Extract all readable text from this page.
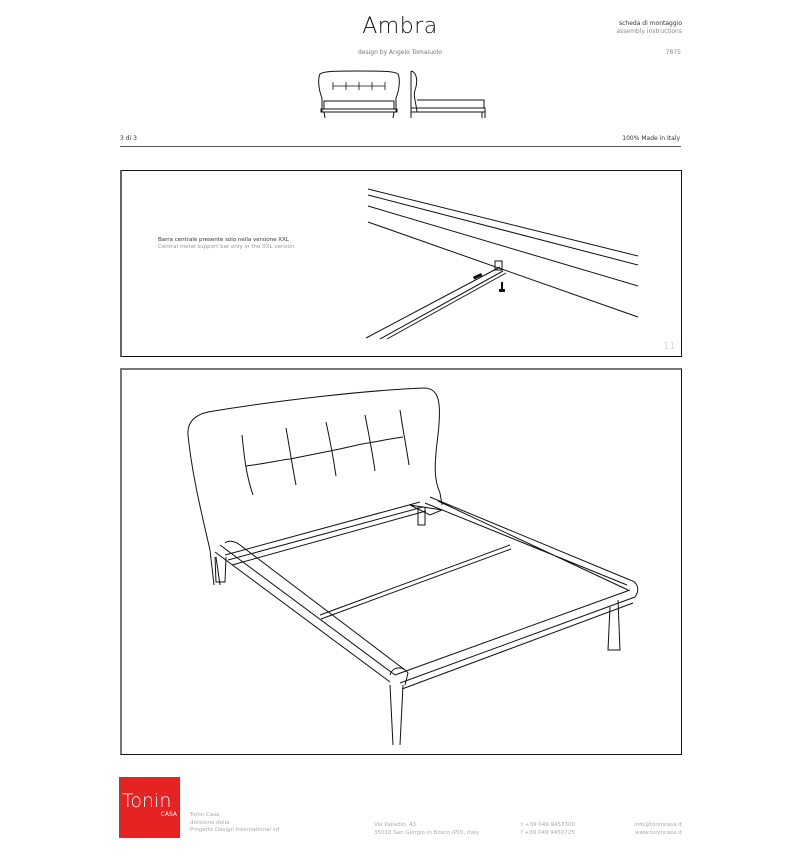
Ambra
design by Angelo Tomaiuolo
scheda di montaggio
assembly instructions
7875
3 di 3	100% Made in Italy
Barra centrale presente solo nella versione XXL
Central metal support bar only in the XXL version
11
Tonin
CASA Tonin Casa
divisione della
Progetto Design International srl
Via Palladio, 43
35010 San Giorgio in Bosco (PD), Italy
t +39 049 9453300
f +39 049 9450725
info@tonincasa.it
www.tonincasa.it
